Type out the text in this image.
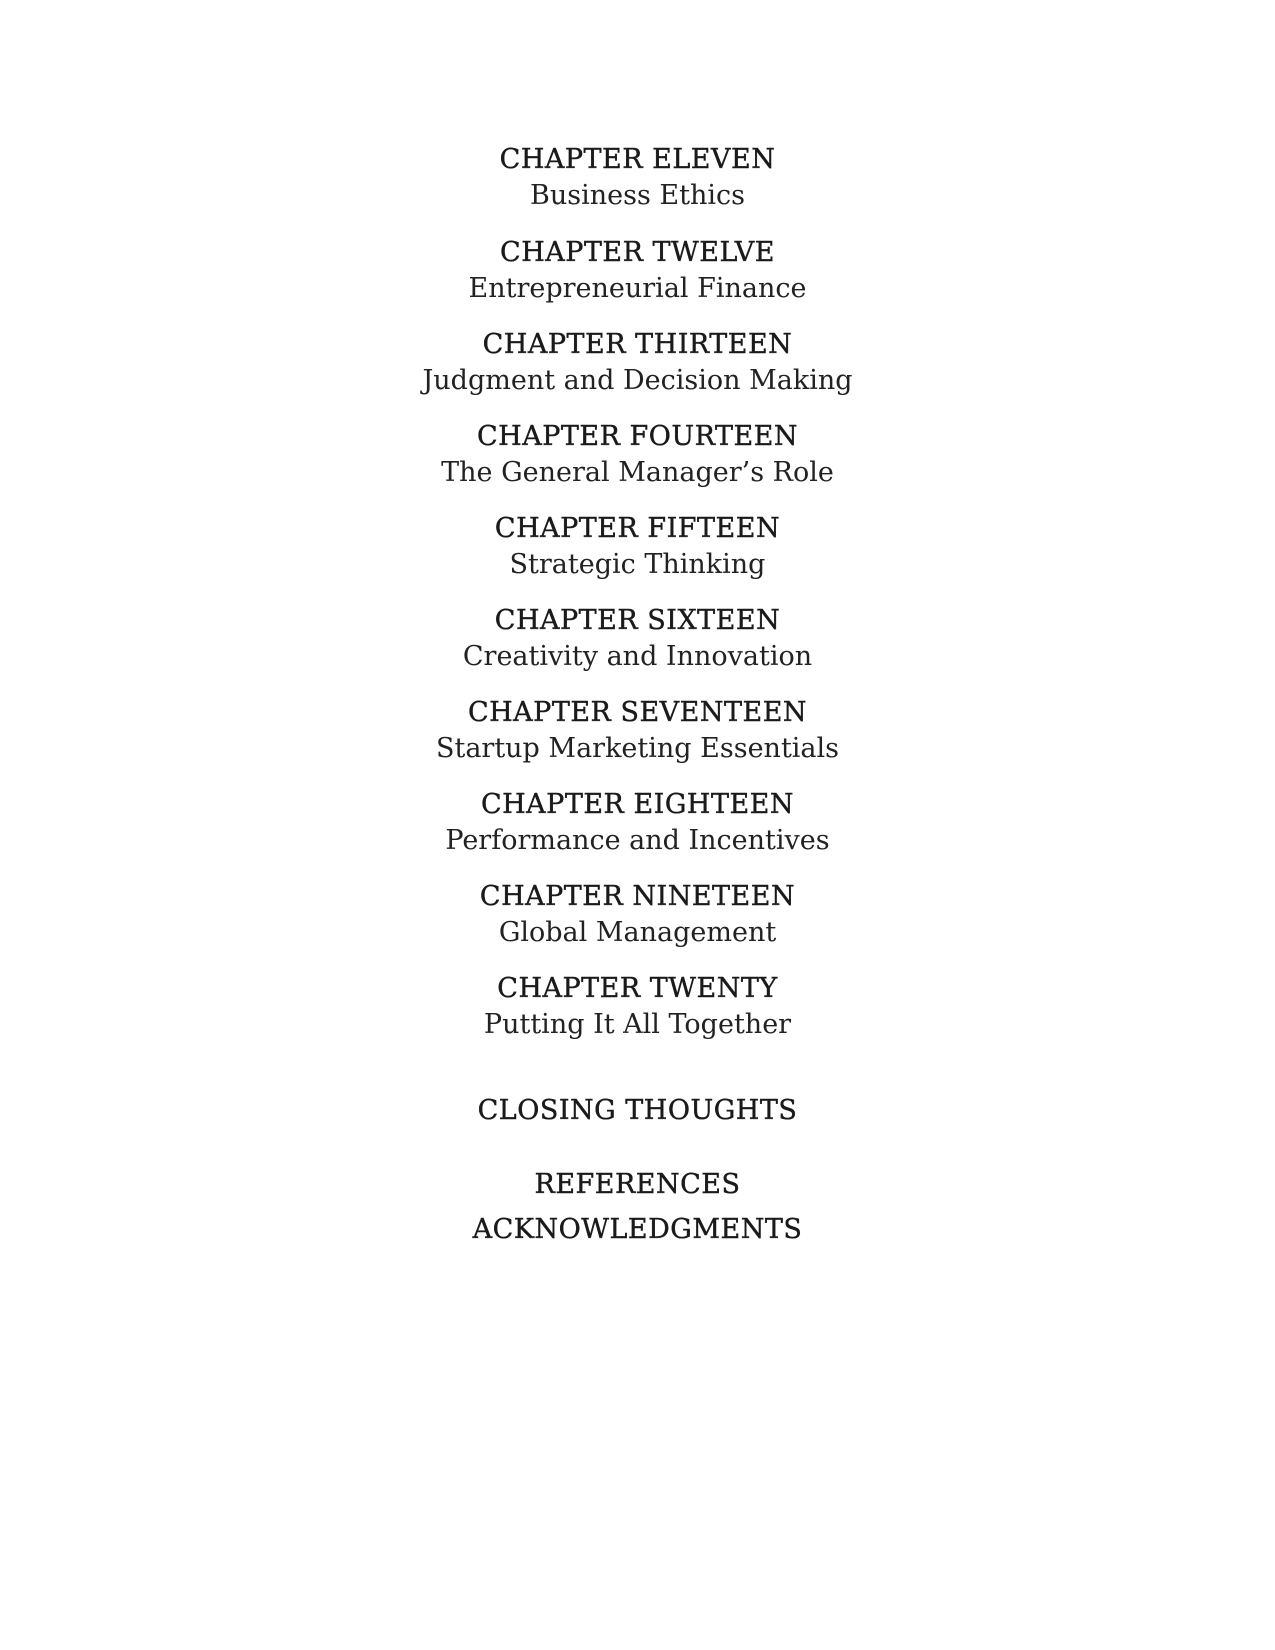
CHAPTER ELEVEN
Business Ethics
CHAPTER TWELVE
Entrepreneurial Finance
CHAPTER THIRTEEN
Judgment and Decision Making
CHAPTER FOURTEEN
The General Manager’s Role
CHAPTER FIFTEEN
Strategic Thinking
CHAPTER SIXTEEN
Creativity and Innovation
CHAPTER SEVENTEEN
Startup Marketing Essentials
CHAPTER EIGHTEEN
Performance and Incentives
CHAPTER NINETEEN
Global Management
CHAPTER TWENTY
Putting It All Together
CLOSING THOUGHTS
REFERENCES
ACKNOWLEDGMENTS
